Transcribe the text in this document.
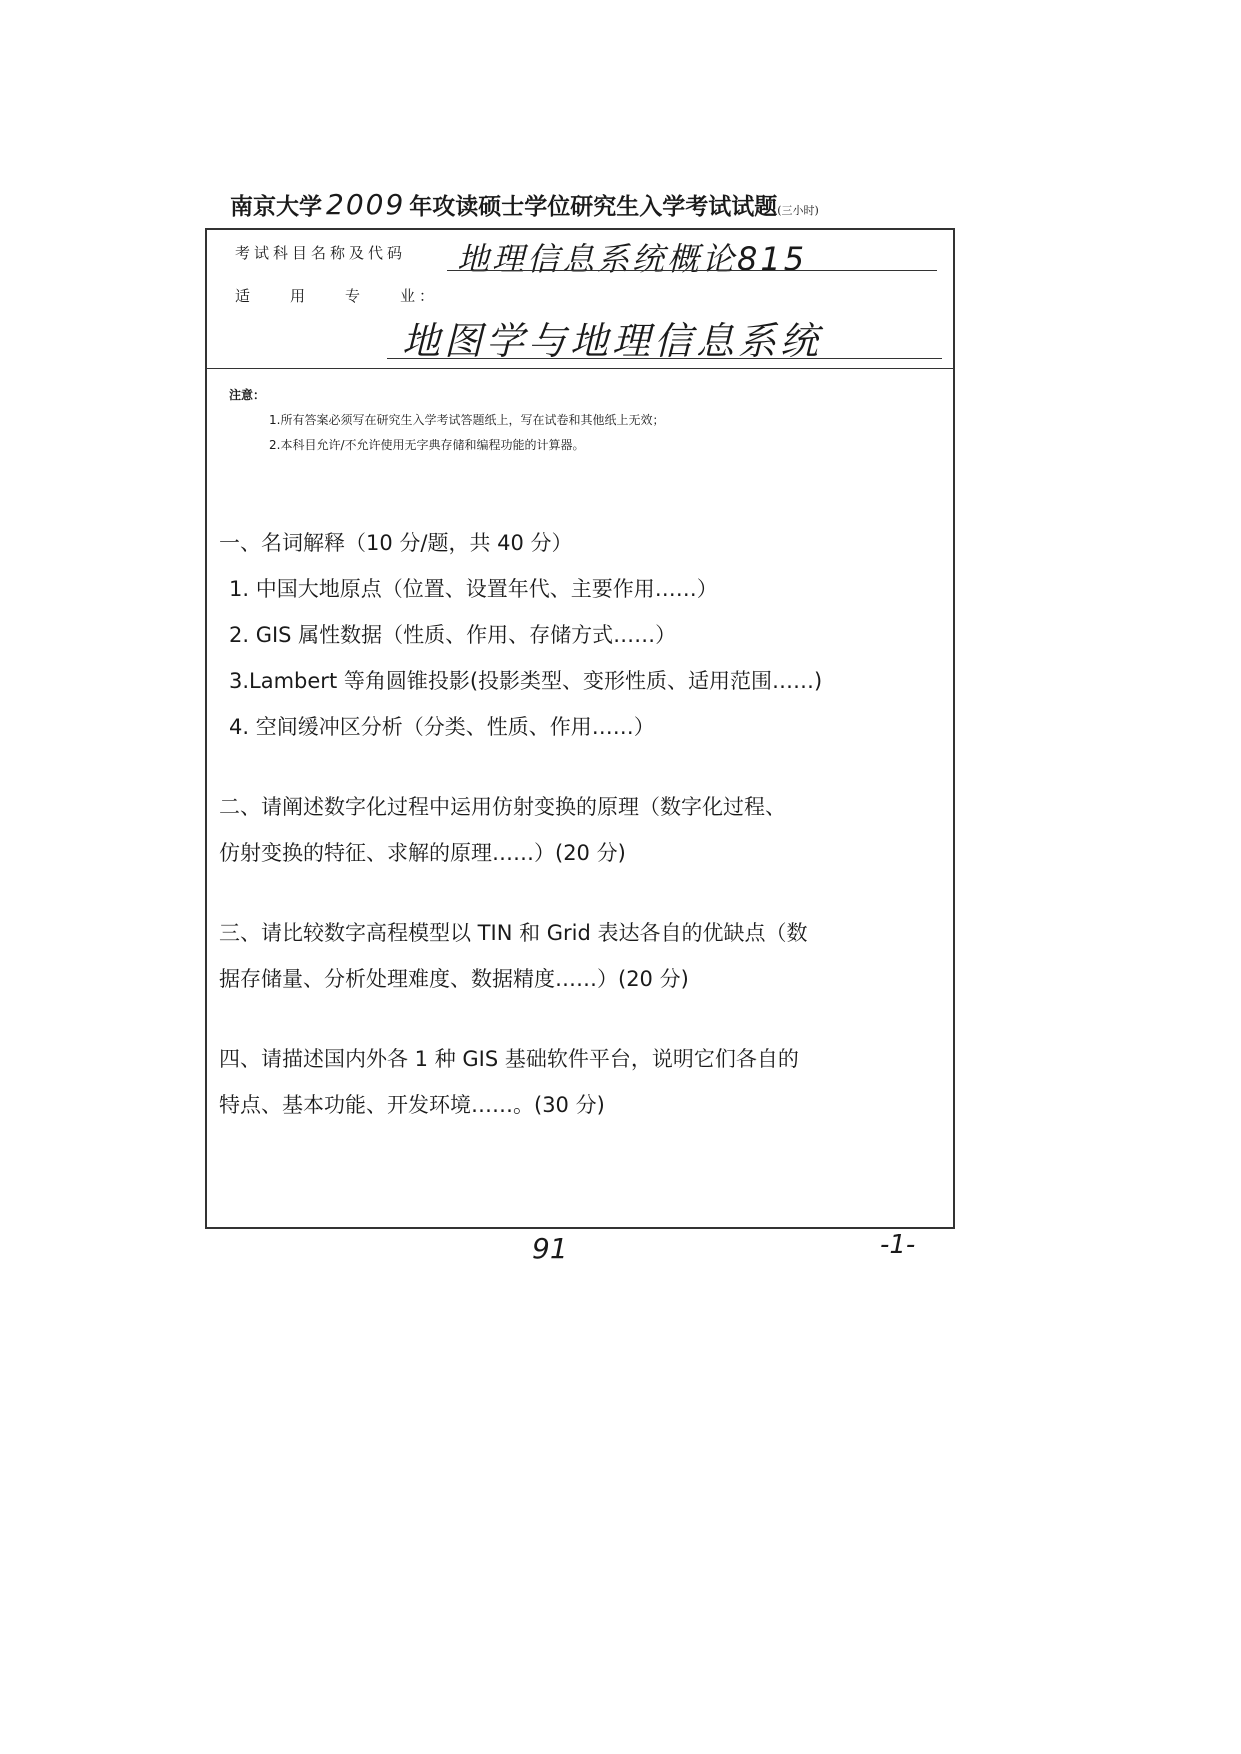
南京大学 2009 年攻读硕士学位研究生入学考试试题(三小时)
考试科目名称及代码 地理信息系统概论815
适 用 专 业：
地图学与地理信息系统
注意：
1.所有答案必须写在研究生入学考试答题纸上，写在试卷和其他纸上无效；
2.本科目允许/不允许使用无字典存储和编程功能的计算器。
一、名词解释（10 分/题，共 40 分）
1. 中国大地原点（位置、设置年代、主要作用……）
2. GIS 属性数据（性质、作用、存储方式……）
3.Lambert 等角圆锥投影(投影类型、变形性质、适用范围……)
4. 空间缓冲区分析（分类、性质、作用……）
二、请阐述数字化过程中运用仿射变换的原理（数字化过程、
仿射变换的特征、求解的原理……）(20 分)
三、请比较数字高程模型以 TIN 和 Grid 表达各自的优缺点（数
据存储量、分析处理难度、数据精度……）(20 分)
四、请描述国内外各 1 种 GIS 基础软件平台，说明它们各自的
特点、基本功能、开发环境……。(30 分)
91	-1-
